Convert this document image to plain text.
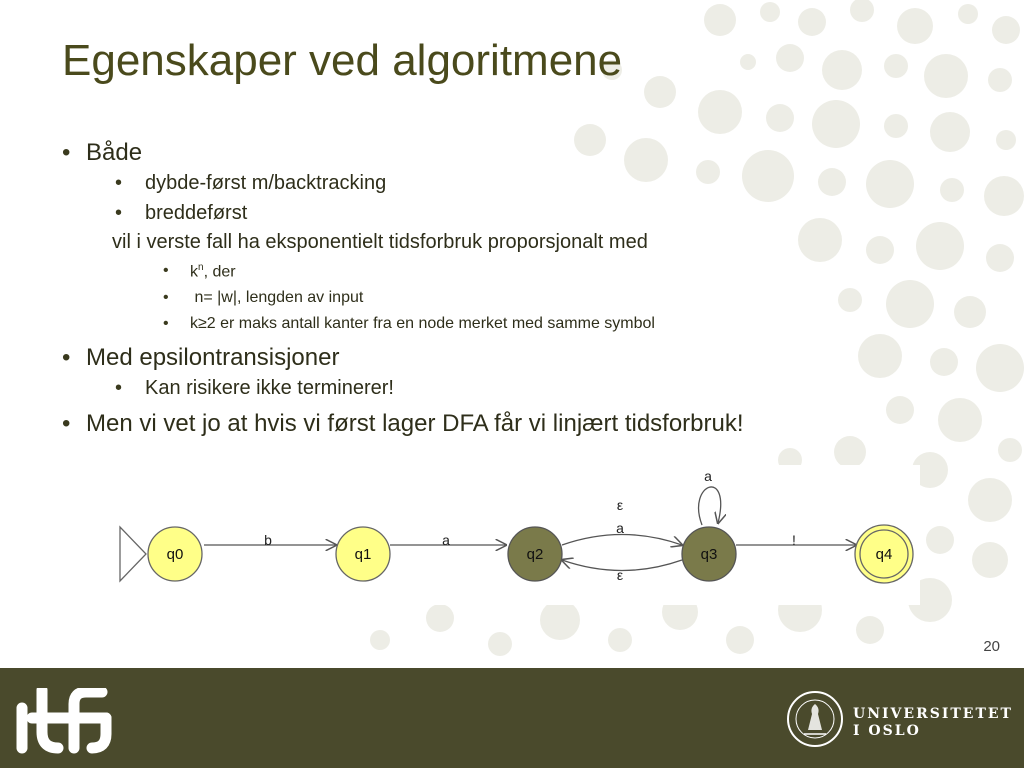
Egenskaper ved algoritmene
• Både
• dybde-først m/backtracking
• breddeførst
vil i verste fall ha eksponentielt tidsforbruk proporsjonalt med
• $k^n$, der
• n= |w|, lengden av input
• k≥2 er maks antall kanter fra en node merket med samme symbol
• Med epsilontransisjoner
• Kan risikere ikke terminerer!
• Men vi vet jo at hvis vi først lager DFA får vi linjært tidsforbruk!
b	a
ε
a
ε
a
!
q0	q1	q2	q3	q4
20
UNIVERSITETET
I OSLO
